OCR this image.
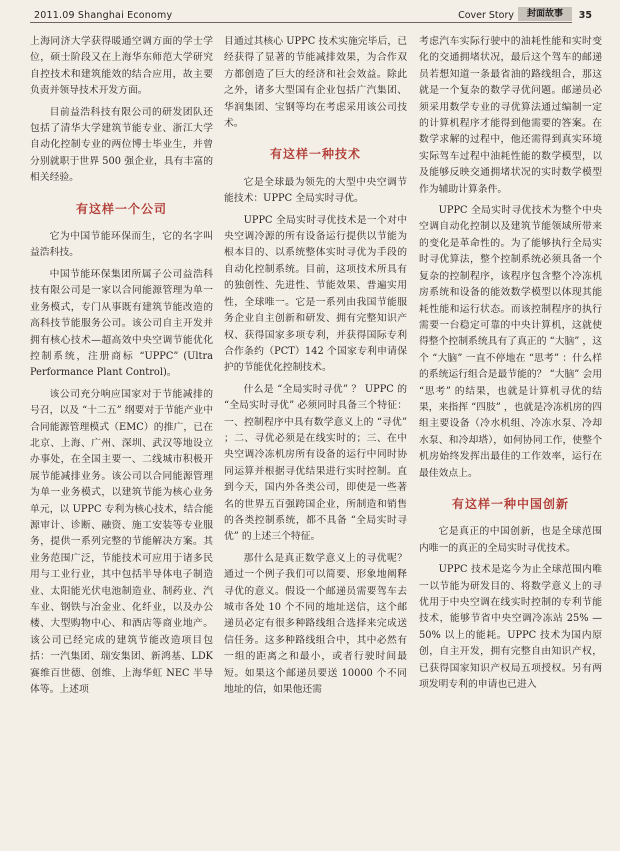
2011.09 Shanghai Economy	Cover Story	封面故事	35

上海同济大学获得暖通空调方面的学士学位，硕士阶段又在上海华东师范大学研究自控技术和建筑能效的结合应用，故主要负责并领导技术开发方面。

目前益浩科技有限公司的研发团队还包括了清华大学建筑节能专业、浙江大学自动化控制专业的两位博士毕业生，并曾分别就职于世界 500 强企业，具有丰富的相关经验。

有这样一个公司

它为中国节能环保而生，它的名字叫益浩科技。

中国节能环保集团所属子公司益浩科技有限公司是一家以合同能源管理为单一业务模式，专门从事既有建筑节能改造的高科技节能服务公司。该公司自主开发并拥有核心技术—超高效中央空调节能优化控制系统，注册商标 “UPPC” (Ultra Performance Plant Control)。

该公司充分响应国家对于节能减排的号召，以及 “十二五” 纲要对于节能产业中合同能源管理模式（EMC）的推广，已在北京、上海、广州、深圳、武汉等地设立办事处，在全国主要一、二线城市积极开展节能减排业务。该公司以合同能源管理为单一业务模式，以建筑节能为核心业务单元，以 UPPC 专利为核心技术，结合能源审计、诊断、融资、施工安装等专业服务，提供一系列完整的节能解决方案。其业务范围广泛，节能技术可应用于诸多民用与工业行业，其中包括半导体电子制造业、太阳能光伏电池制造业、制药业、汽车业、钢铁与冶金业、化纤业，以及办公楼、大型购物中心、和酒店等商业地产。该公司已经完成的建筑节能改造项目包括：一汽集团、瑞安集团、新鸿基、LDK 赛维百世德、创维、上海华虹 NEC 半导体等。上述项

目通过其核心 UPPC 技术实施完毕后，已经获得了显著的节能减排效果，为合作双方都创造了巨大的经济和社会效益。除此之外，诸多大型国有企业包括广汽集团、华润集团、宝钢等均在考虑采用该公司技术。

有这样一种技术

它是全球最为领先的大型中央空调节能技术：UPPC 全局实时寻优。

UPPC 全局实时寻优技术是一个对中央空调冷源的所有设备运行提供以节能为根本目的、以系统整体实时寻优为手段的自动化控制系统。目前，这项技术所具有的独创性、先进性、节能效果、普遍实用性，全球唯一。它是一系列由我国节能服务企业自主创新和研发、拥有完整知识产权、获得国家多项专利，并获得国际专利合作条约（PCT）142 个国家专利申请保护的节能优化控制技术。

什么是 “全局实时寻优” ？ UPPC 的 “全局实时寻优” 必须同时具备三个特征：一、控制程序中具有数学意义上的 “寻优” ；二、寻优必须是在线实时的；三、在中央空调冷冻机房所有设备的运行中同时协同运算并根据寻优结果进行实时控制。直到今天，国内外各类公司，即使是一些著名的世界五百强跨国企业，所制造和销售的各类控制系统，都不具备 “全局实时寻优” 的上述三个特征。

那什么是真正数学意义上的寻优呢？通过一个例子我们可以简要、形象地阐释寻优的意义。假设一个邮递员需要驾车去城市各处 10 个不同的地址送信，这个邮递员必定有很多种路线组合选择来完成送信任务。这多种路线组合中，其中必然有一组的距离之和最小，或者行驶时间最短。如果这个邮递员要送 10000 个不同地址的信，如果他还需

考虑汽车实际行驶中的油耗性能和实时变化的交通拥堵状况，最后这个驾车的邮递员若想知道一条最省油的路线组合，那这就是一个复杂的数学寻优问题。邮递员必须采用数学专业的寻优算法通过编制一定的计算机程序才能得到他需要的答案。在数学求解的过程中，他还需得到真实环境实际驾车过程中油耗性能的数学模型，以及能够反映交通拥堵状况的实时数学模型作为辅助计算条件。

UPPC 全局实时寻优技术为整个中央空调自动化控制以及建筑节能领域所带来的变化是革命性的。为了能够执行全局实时寻优算法，整个控制系统必须具备一个复杂的控制程序，该程序包含整个冷冻机房系统和设备的能效数学模型以体现其能耗性能和运行状态。而该控制程序的执行需要一台稳定可靠的中央计算机，这就使得整个控制系统具有了真正的 “大脑” ，这个 “大脑” 一直不停地在 “思考” ：什么样的系统运行组合是最节能的？ “大脑” 会用 “思考” 的结果，也就是计算机寻优的结果，来指挥 “四肢” ，也就是冷冻机房的四组主要设备（冷水机组、冷冻水泵、冷却水泵、和冷却塔），如何协同工作，使整个机房始终发挥出最佳的工作效率，运行在最佳效点上。

有这样一种中国创新

它是真正的中国创新，也是全球范围内唯一的真正的全局实时寻优技术。

UPPC 技术是迄今为止全球范围内唯一以节能为研发目的、将数学意义上的寻优用于中央空调在线实时控制的专利节能技术，能够节省中央空调冷冻站 25% — 50% 以上的能耗。UPPC 技术为国内原创，自主开发，拥有完整自由知识产权，已获得国家知识产权局五项授权。另有两项发明专利的申请也已进入
